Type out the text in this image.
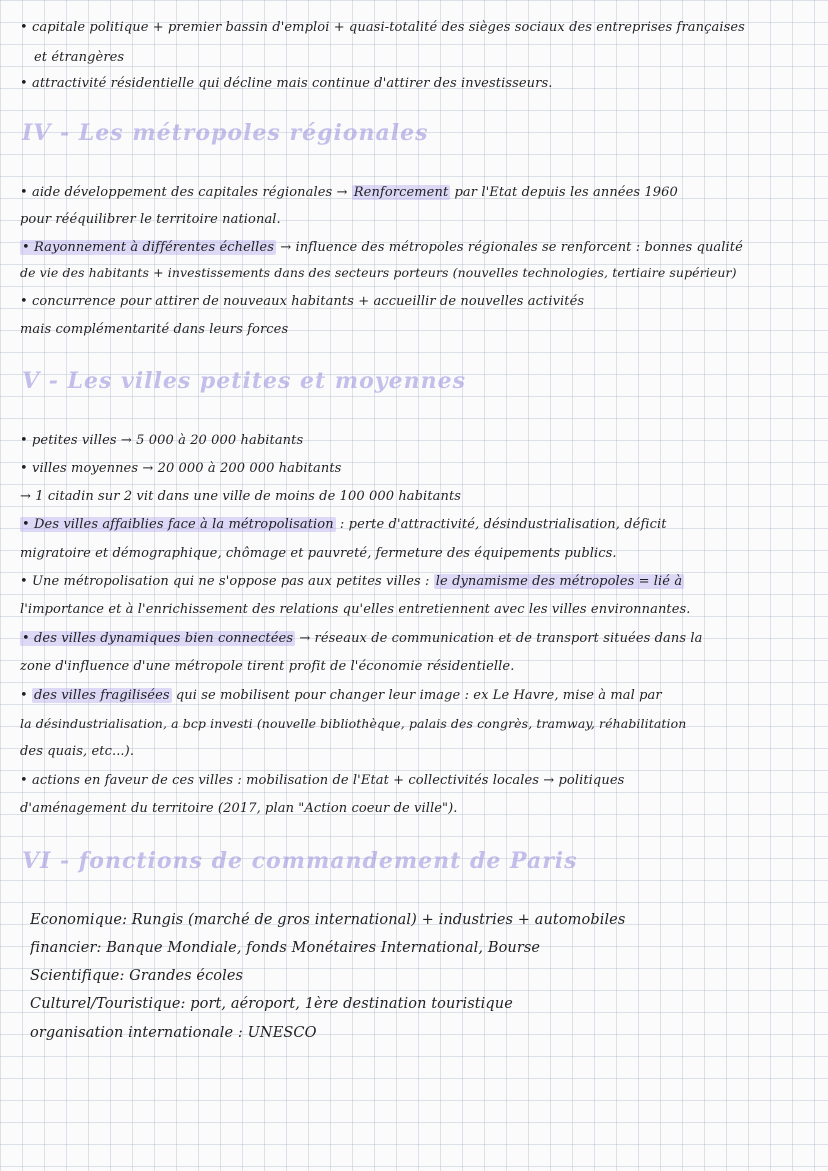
• capitale politique + premier bassin d'emploi + quasi-totalité des sièges sociaux des entreprises françaises
et étrangères
• attractivité résidentielle qui décline mais continue d'attirer des investisseurs.
IV - Les métropoles régionales
• aide développement des capitales régionales → Renforcement par l'Etat depuis les années 1960
pour rééquilibrer le territoire national.
• Rayonnement à différentes échelles → influence des métropoles régionales se renforcent : bonnes qualité
de vie des habitants + investissements dans des secteurs porteurs (nouvelles technologies, tertiaire supérieur)
• concurrence pour attirer de nouveaux habitants + accueillir de nouvelles activités
mais complémentarité dans leurs forces
V - Les villes petites et moyennes
• petites villes → 5 000 à 20 000 habitants
• villes moyennes → 20 000 à 200 000 habitants
→ 1 citadin sur 2 vit dans une ville de moins de 100 000 habitants
• Des villes affaiblies face à la métropolisation : perte d'attractivité, désindustrialisation, déficit
migratoire et démographique, chômage et pauvreté, fermeture des équipements publics.
• Une métropolisation qui ne s'oppose pas aux petites villes : le dynamisme des métropoles = lié à
l'importance et à l'enrichissement des relations qu'elles entretiennent avec les villes environnantes.
• des villes dynamiques bien connectées → réseaux de communication et de transport situées dans la
zone d'influence d'une métropole tirent profit de l'économie résidentielle.
• des villes fragilisées qui se mobilisent pour changer leur image : ex Le Havre, mise à mal par
la désindustrialisation, a bcp investi (nouvelle bibliothèque, palais des congrès, tramway, réhabilitation
des quais, etc...).
• actions en faveur de ces villes : mobilisation de l'Etat + collectivités locales → politiques
d'aménagement du territoire (2017, plan "Action coeur de ville").
VI - fonctions de commandement de Paris
Economique: Rungis (marché de gros international) + industries + automobiles
financier: Banque Mondiale, fonds Monétaires International, Bourse
Scientifique: Grandes écoles
Culturel/Touristique: port, aéroport, 1ère destination touristique
organisation internationale : UNESCO
